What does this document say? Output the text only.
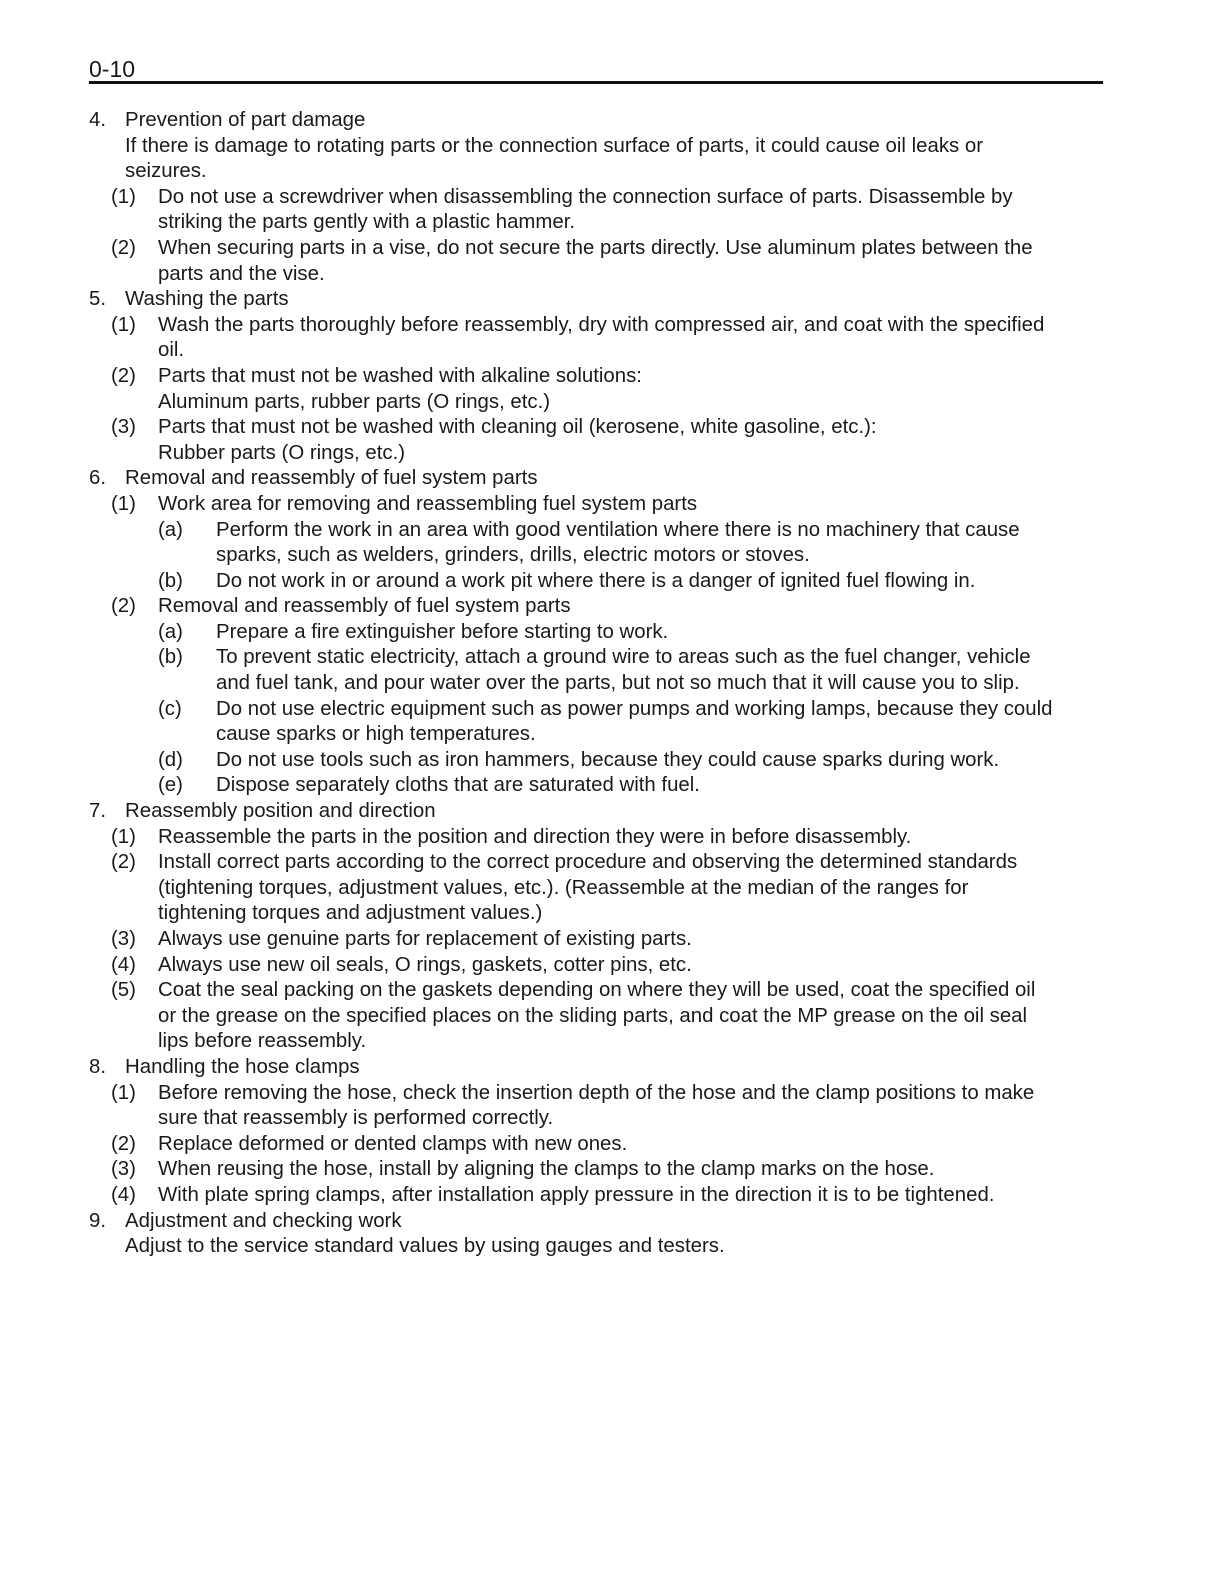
0-10
4. Prevention of part damage
If there is damage to rotating parts or the connection surface of parts, it could cause oil leaks or
seizures.
(1) Do not use a screwdriver when disassembling the connection surface of parts. Disassemble by
striking the parts gently with a plastic hammer.
(2) When securing parts in a vise, do not secure the parts directly. Use aluminum plates between the
parts and the vise.
5. Washing the parts
(1) Wash the parts thoroughly before reassembly, dry with compressed air, and coat with the specified
oil.
(2) Parts that must not be washed with alkaline solutions:
Aluminum parts, rubber parts (O rings, etc.)
(3) Parts that must not be washed with cleaning oil (kerosene, white gasoline, etc.):
Rubber parts (O rings, etc.)
6. Removal and reassembly of fuel system parts
(1) Work area for removing and reassembling fuel system parts
(a) Perform the work in an area with good ventilation where there is no machinery that cause
sparks, such as welders, grinders, drills, electric motors or stoves.
(b) Do not work in or around a work pit where there is a danger of ignited fuel flowing in.
(2) Removal and reassembly of fuel system parts
(a) Prepare a fire extinguisher before starting to work.
(b) To prevent static electricity, attach a ground wire to areas such as the fuel changer, vehicle
and fuel tank, and pour water over the parts, but not so much that it will cause you to slip.
(c) Do not use electric equipment such as power pumps and working lamps, because they could
cause sparks or high temperatures.
(d) Do not use tools such as iron hammers, because they could cause sparks during work.
(e) Dispose separately cloths that are saturated with fuel.
7. Reassembly position and direction
(1) Reassemble the parts in the position and direction they were in before disassembly.
(2) Install correct parts according to the correct procedure and observing the determined standards
(tightening torques, adjustment values, etc.). (Reassemble at the median of the ranges for
tightening torques and adjustment values.)
(3) Always use genuine parts for replacement of existing parts.
(4) Always use new oil seals, O rings, gaskets, cotter pins, etc.
(5) Coat the seal packing on the gaskets depending on where they will be used, coat the specified oil
or the grease on the specified places on the sliding parts, and coat the MP grease on the oil seal
lips before reassembly.
8. Handling the hose clamps
(1) Before removing the hose, check the insertion depth of the hose and the clamp positions to make
sure that reassembly is performed correctly.
(2) Replace deformed or dented clamps with new ones.
(3) When reusing the hose, install by aligning the clamps to the clamp marks on the hose.
(4) With plate spring clamps, after installation apply pressure in the direction it is to be tightened.
9. Adjustment and checking work
Adjust to the service standard values by using gauges and testers.
